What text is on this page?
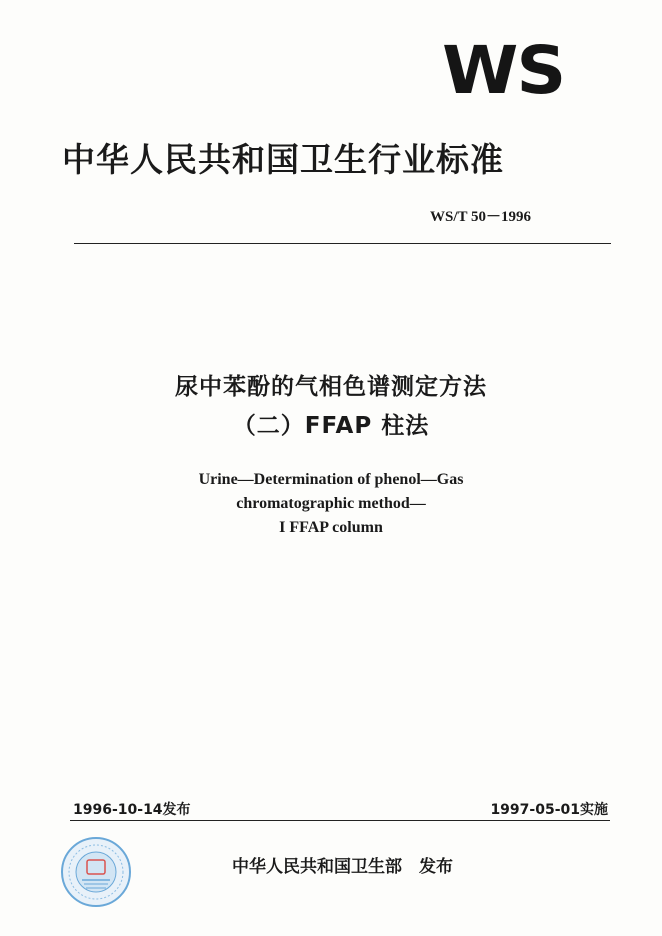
WS
中华人民共和国卫生行业标准
WS/T 50－1996
尿中苯酚的气相色谱测定方法
（二）FFAP 柱法
Urine—Determination of phenol—Gas
chromatographic method—
I FFAP column
1996-10-14发布	1997-05-01实施
中华人民共和国卫生部　发布
